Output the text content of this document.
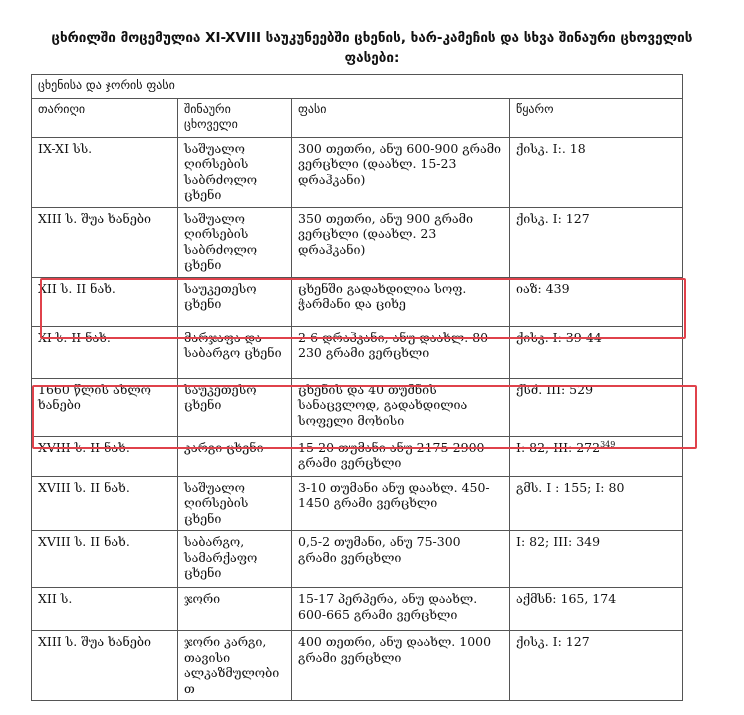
ცხრილში მოცემულია XI-XVIII საუკუნეებში ცხენის, ხარ-კამეჩის და სხვა შინაური ცხოველის ფასები:
ცხენისა და ჯორის ფასი			
თარიღი	შინაური ცხოველი	ფასი	წყარო
IX-XI სს.	საშუალო ღირსების საბრძოლო ცხენი	300 თეთრი, ანუ 600-900 გრამი ვერცხლი (დაახლ. 15-23 დრაჰკანი)	ქისკ. I:. 18
XIII ს. შუა ხანები	საშუალო ღირსების საბრძოლო ცხენი	350 თეთრი, ანუ 900 გრამი ვერცხლი (დაახლ. 23 დრაჰკანი)	ქისკ. I: 127
XII ს. II ნახ.	საუკეთესო ცხენი	ცხენში გადახდილია სოფ. ჭარმანი და ციხე	იაზ: 439
XI ს. II ნახ.	მარჯაფა და საბარგო ცხენი	2-6 დრაჰკანი, ანუ დაახლ. 80-230 გრამი ვერცხლი	ქისკ. I: 39-44
1660 წლის ახლო ხანები	საუკეთესო ცხენი	ცხენის და 40 თუმნის სანაცვლოდ, გადახდილია სოფელი მოხისი	ქსძ. III: 529
XVIII ს. II ნახ.	კარგი ცხენი	15-20 თუმანი ანუ 2175-2900 გრამი ვერცხლი	I: 82; III: $272^{349}$
XVIII ს. II ნახ.	საშუალო ღირსების ცხენი	3-10 თუმანი ანუ დაახლ. 450-1450 გრამი ვერცხლი	გმს. I : 155; I: 80
XVIII ს. II ნახ.	საბარგო, სამარქაფო ცხენი	0,5-2 თუმანი, ანუ 75-300 გრამი ვერცხლი	I: 82; III: 349
XII ს.	ჯორი	15-17 პერპერა, ანუ დაახლ. 600-665 გრამი ვერცხლი	აქმსნ: 165, 174
XIII ს. შუა ხანები	ჯორი კარგი, თავისი ალკაზმულობით	400 თეთრი, ანუ დაახლ. 1000 გრამი ვერცხლი	ქისკ. I: 127
